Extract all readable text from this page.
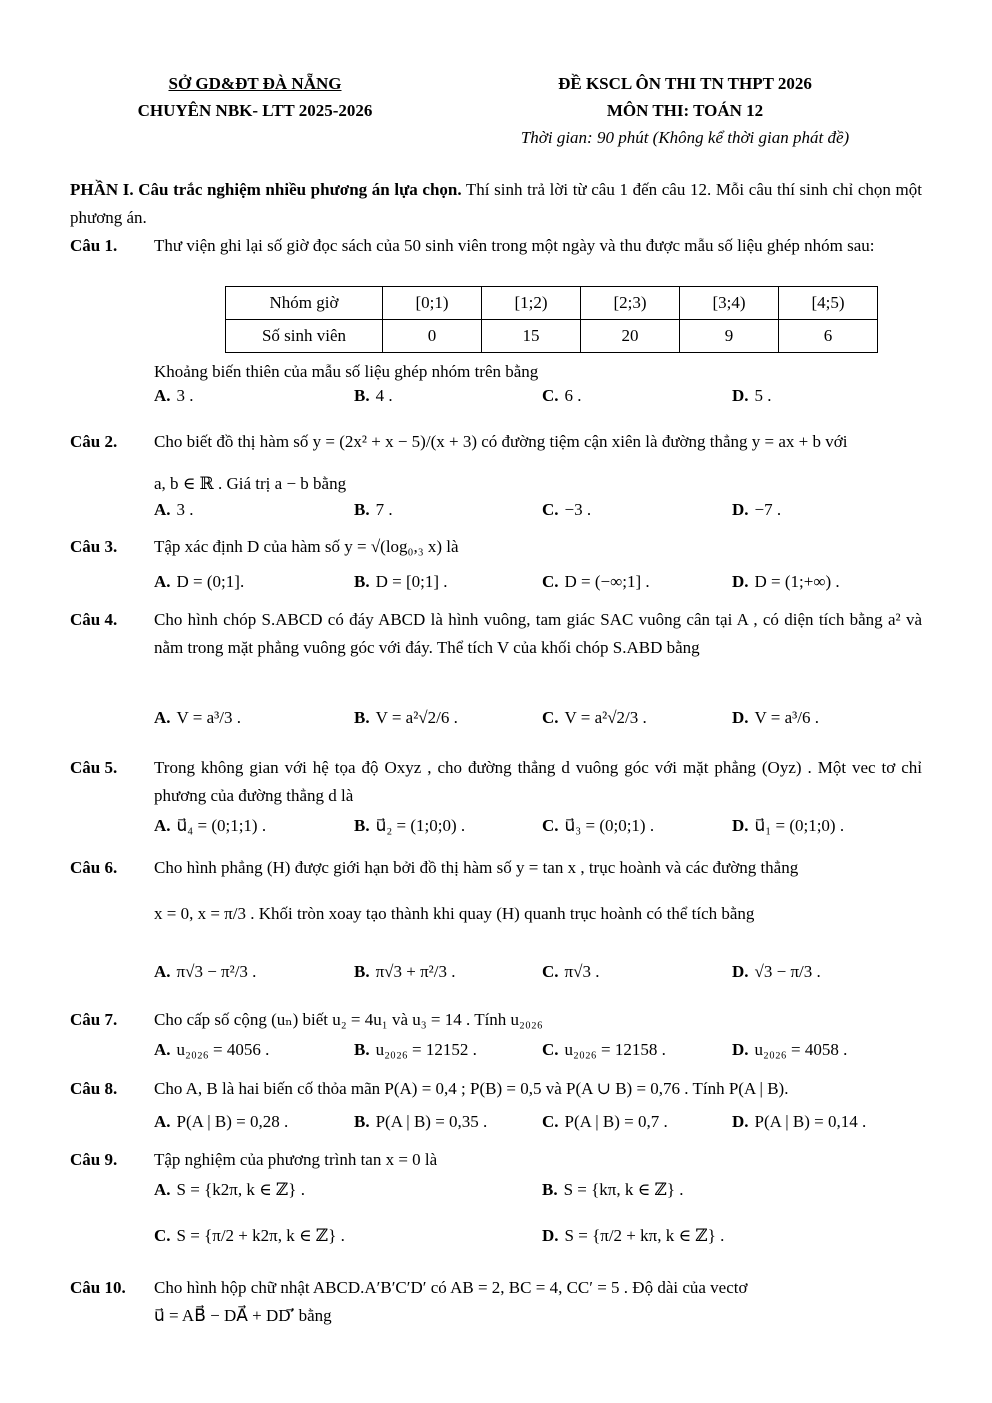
SỞ GD&ĐT ĐÀ NẴNG
CHUYÊN NBK- LTT 2025-2026
ĐỀ KSCL ÔN THI TN THPT 2026
MÔN THI: TOÁN 12
Thời gian: 90 phút (Không kể thời gian phát đề)
PHẦN I. Câu trắc nghiệm nhiều phương án lựa chọn. Thí sinh trả lời từ câu 1 đến câu 12. Mỗi câu thí sinh chỉ chọn một phương án.
Câu 1.	Thư viện ghi lại số giờ đọc sách của 50 sinh viên trong một ngày và thu được mẫu số liệu ghép nhóm sau:
Nhóm giờ	[0;1)	[1;2)	[2;3)	[3;4)	[4;5)
Số sinh viên	0	15	20	9	6
Khoảng biến thiên của mẫu số liệu ghép nhóm trên bằng
A. 3 .	B. 4 .	C. 6 .	D. 5 .
Câu 2.	Cho biết đồ thị hàm số y = (2x² + x − 5)/(x + 3) có đường tiệm cận xiên là đường thẳng y = ax + b với
a, b ∈ ℝ . Giá trị a − b bằng
A. 3 .	B. 7 .	C. −3 .	D. −7 .
Câu 3.	Tập xác định D của hàm số y = √(log₀,₃ x) là
A. D = (0;1].	B. D = [0;1] .	C. D = (−∞;1] .	D. D = (1;+∞) .
Câu 4.	Cho hình chóp S.ABCD có đáy ABCD là hình vuông, tam giác SAC vuông cân tại A , có diện tích bằng a² và nằm trong mặt phẳng vuông góc với đáy. Thể tích V của khối chóp S.ABD bằng
A. V = a³/3 .	B. V = a²√2/6 .	C. V = a²√2/3 .	D. V = a³/6 .
Câu 5.	Trong không gian với hệ tọa độ Oxyz , cho đường thẳng d vuông góc với mặt phẳng (Oyz) . Một vec tơ chỉ phương của đường thẳng d là
A. u⃗₄ = (0;1;1) .	B. u⃗₂ = (1;0;0) .	C. u⃗₃ = (0;0;1) .	D. u⃗₁ = (0;1;0) .
Câu 6.	Cho hình phẳng (H) được giới hạn bởi đồ thị hàm số y = tan x , trục hoành và các đường thẳng
x = 0, x = π/3 . Khối tròn xoay tạo thành khi quay (H) quanh trục hoành có thể tích bằng
A. π√3 − π²/3 .	B. π√3 + π²/3 .	C. π√3 .	D. √3 − π/3 .
Câu 7.	Cho cấp số cộng (uₙ) biết u₂ = 4u₁ và u₃ = 14 . Tính u₂₀₂₆
A. u₂₀₂₆ = 4056 .	B. u₂₀₂₆ = 12152 .	C. u₂₀₂₆ = 12158 .	D. u₂₀₂₆ = 4058 .
Câu 8.	Cho A, B là hai biến cố thỏa mãn P(A) = 0,4 ; P(B) = 0,5 và P(A ∪ B) = 0,76 . Tính P(A | B).
A. P(A | B) = 0,28 .	B. P(A | B) = 0,35 .	C. P(A | B) = 0,7 .	D. P(A | B) = 0,14 .
Câu 9.	Tập nghiệm của phương trình tan x = 0 là
A. S = {k2π, k ∈ ℤ} .	B. S = {kπ, k ∈ ℤ} .
C. S = {π/2 + k2π, k ∈ ℤ} .	D. S = {π/2 + kπ, k ∈ ℤ} .
Câu 10.	Cho hình hộp chữ nhật ABCD.A′B′C′D′ có AB = 2, BC = 4, CC′ = 5 . Độ dài của vectơ
u⃗ = AB⃗ − DA⃗ + DD′⃗ bằng
